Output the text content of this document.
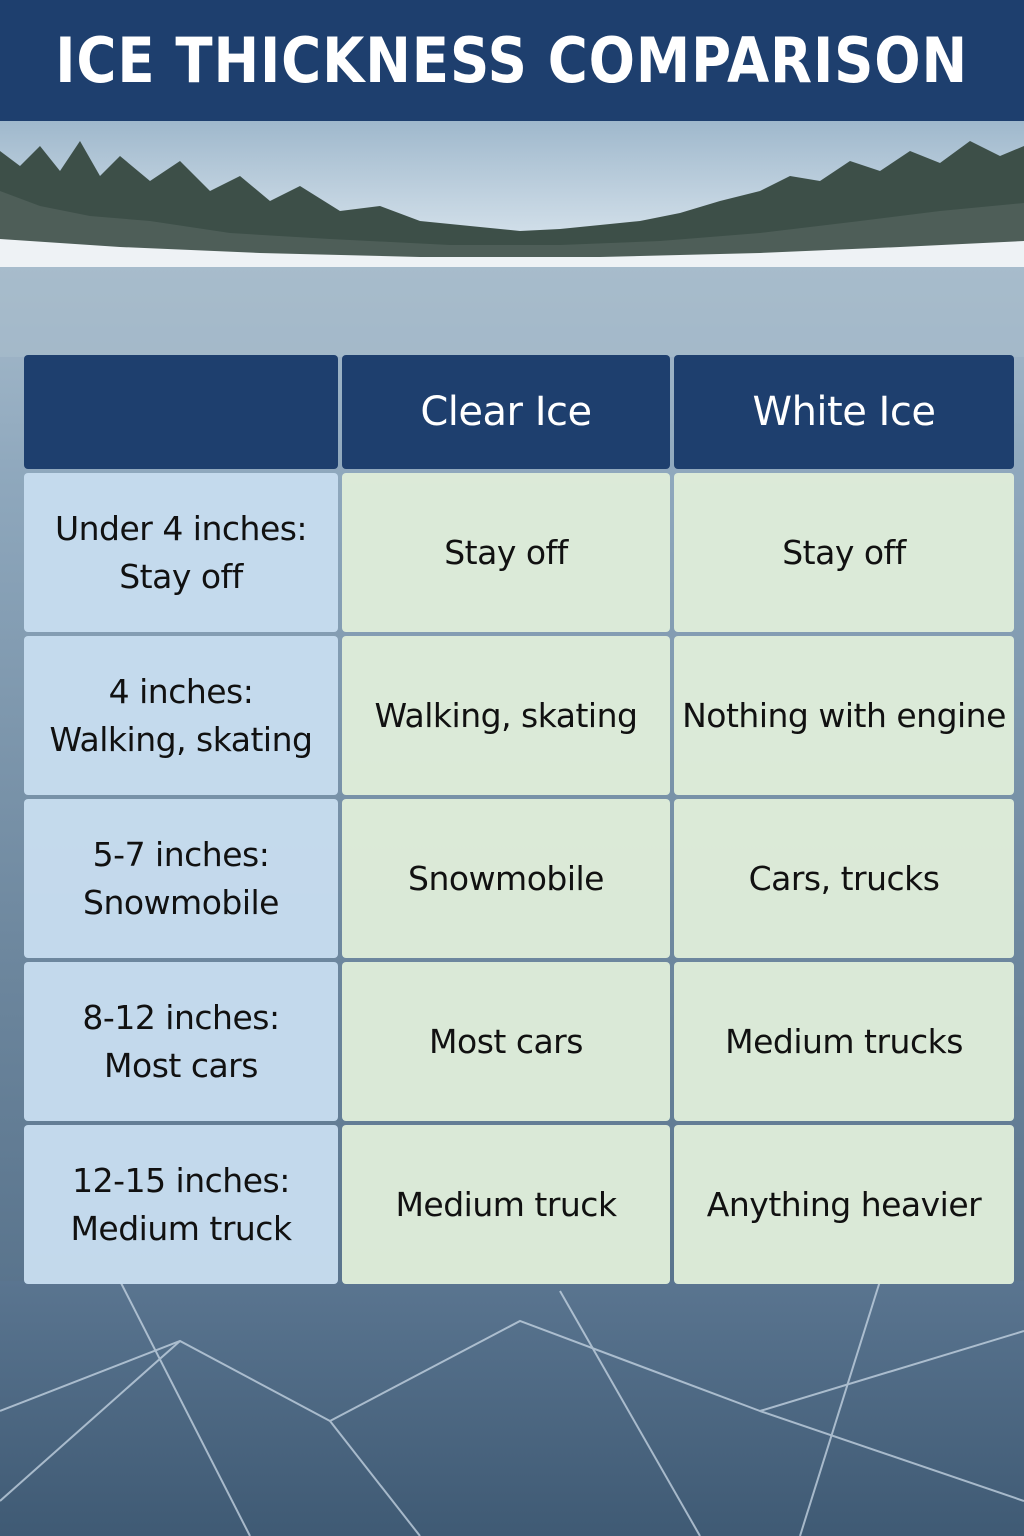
ICE THICKNESS COMPARISON
	Clear Ice	White Ice

Under 4 inches:
Stay off	Stay off	Stay off

4 inches:
Walking, skating	Walking, skating	Nothing with engine

5-7 inches:
Snowmobile	Snowmobile	Cars, trucks

8-12 inches:
Most cars	Most cars	Medium trucks

12-15 inches:
Medium truck	Medium truck	Anything heavier
